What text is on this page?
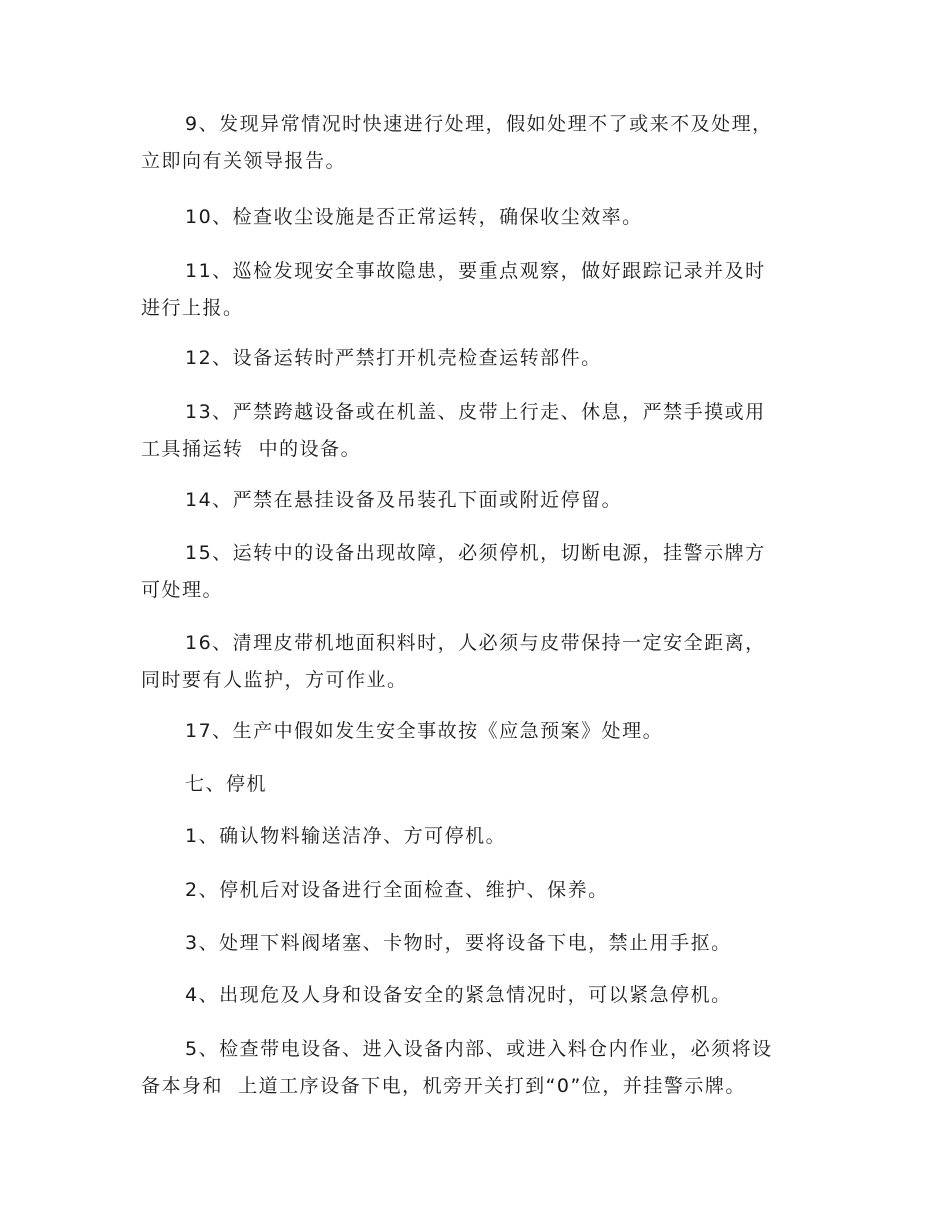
9、发现异常情况时快速进行处理，假如处理不了或来不及处理，
立即向有关领导报告。
10、检查收尘设施是否正常运转，确保收尘效率。
11、巡检发现安全事故隐患，要重点观察，做好跟踪记录并及时
进行上报。
12、设备运转时严禁打开机壳检查运转部件。
13、严禁跨越设备或在机盖、皮带上行走、休息，严禁手摸或用
工具捅运转  中的设备。
14、严禁在悬挂设备及吊装孔下面或附近停留。
15、运转中的设备出现故障，必须停机，切断电源，挂警示牌方
可处理。
16、清理皮带机地面积料时，人必须与皮带保持一定安全距离，
同时要有人监护，方可作业。
17、生产中假如发生安全事故按《应急预案》处理。
七、停机
1、确认物料输送洁净、方可停机。
2、停机后对设备进行全面检查、维护、保养。
3、处理下料阀堵塞、卡物时，要将设备下电，禁止用手抠。
4、出现危及人身和设备安全的紧急情况时，可以紧急停机。
5、检查带电设备、进入设备内部、或进入料仓内作业，必须将设
备本身和  上道工序设备下电，机旁开关打到“0”位，并挂警示牌。
